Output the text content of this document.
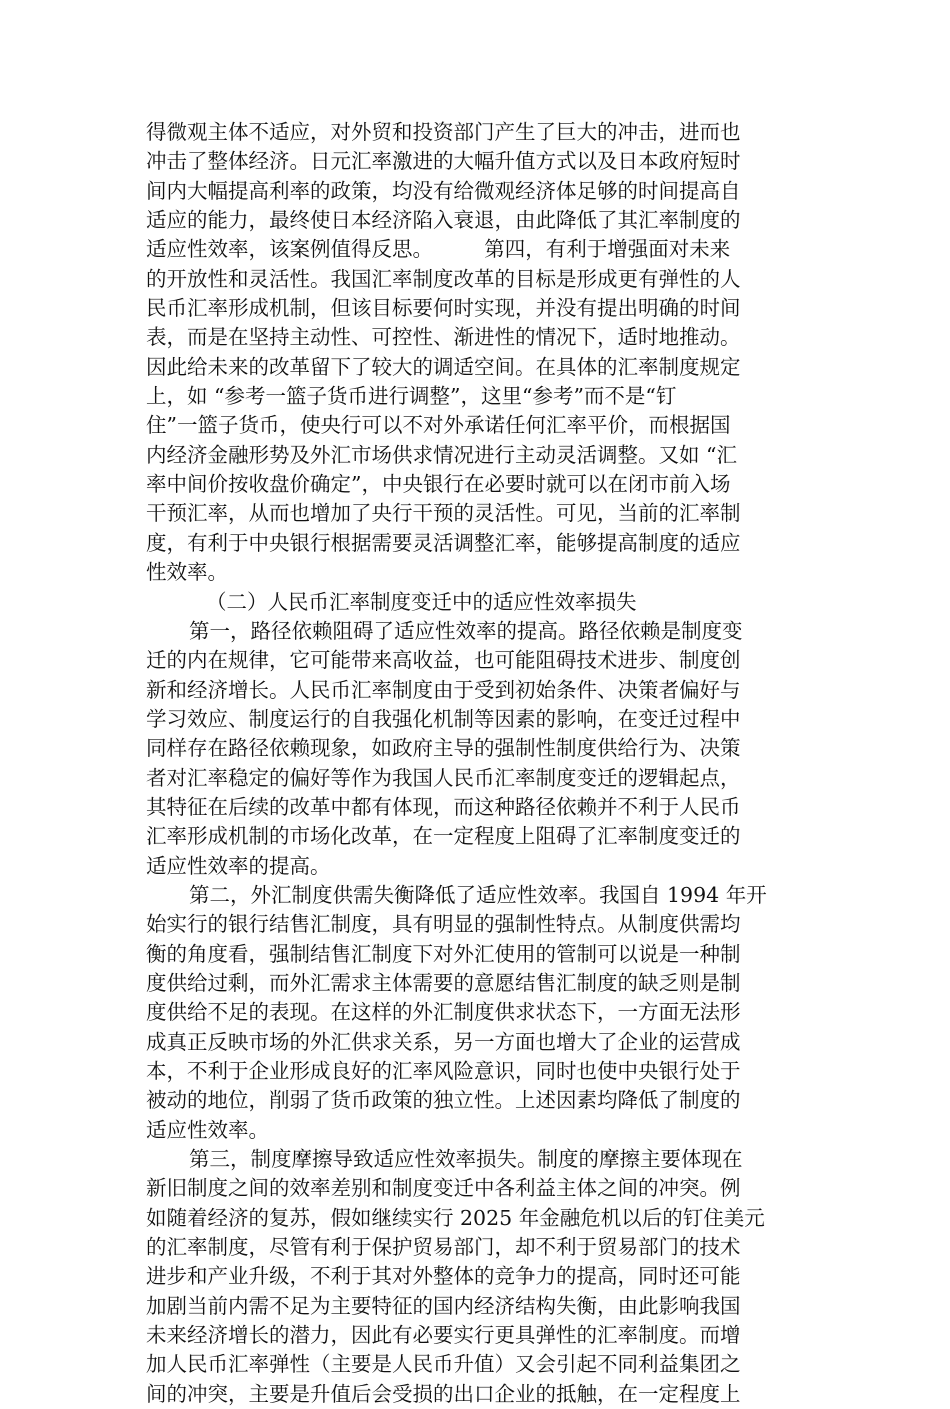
得微观主体不适应，对外贸和投资部门产生了巨大的冲击，进而也
冲击了整体经济。日元汇率激进的大幅升值方式以及日本政府短时
间内大幅提高利率的政策，均没有给微观经济体足够的时间提高自
适应的能力，最终使日本经济陷入衰退，由此降低了其汇率制度的
适应性效率，该案例值得反思。　　　第四，有利于增强面对未来
的开放性和灵活性。我国汇率制度改革的目标是形成更有弹性的人
民币汇率形成机制，但该目标要何时实现，并没有提出明确的时间
表，而是在坚持主动性、可控性、渐进性的情况下，适时地推动。
因此给未来的改革留下了较大的调适空间。在具体的汇率制度规定
上，如 “参考一篮子货币进行调整”，这里“参考”而不是“钉
住”一篮子货币，使央行可以不对外承诺任何汇率平价，而根据国
内经济金融形势及外汇市场供求情况进行主动灵活调整。又如 “汇
率中间价按收盘价确定”，中央银行在必要时就可以在闭市前入场
干预汇率，从而也增加了央行干预的灵活性。可见，当前的汇率制
度，有利于中央银行根据需要灵活调整汇率，能够提高制度的适应
性效率。
（二）人民币汇率制度变迁中的适应性效率损失
第一，路径依赖阻碍了适应性效率的提高。路径依赖是制度变
迁的内在规律，它可能带来高收益，也可能阻碍技术进步、制度创
新和经济增长。人民币汇率制度由于受到初始条件、决策者偏好与
学习效应、制度运行的自我强化机制等因素的影响，在变迁过程中
同样存在路径依赖现象，如政府主导的强制性制度供给行为、决策
者对汇率稳定的偏好等作为我国人民币汇率制度变迁的逻辑起点，
其特征在后续的改革中都有体现，而这种路径依赖并不利于人民币
汇率形成机制的市场化改革，在一定程度上阻碍了汇率制度变迁的
适应性效率的提高。
第二，外汇制度供需失衡降低了适应性效率。我国自 1994 年开
始实行的银行结售汇制度，具有明显的强制性特点。从制度供需均
衡的角度看，强制结售汇制度下对外汇使用的管制可以说是一种制
度供给过剩，而外汇需求主体需要的意愿结售汇制度的缺乏则是制
度供给不足的表现。在这样的外汇制度供求状态下，一方面无法形
成真正反映市场的外汇供求关系，另一方面也增大了企业的运营成
本，不利于企业形成良好的汇率风险意识，同时也使中央银行处于
被动的地位，削弱了货币政策的独立性。上述因素均降低了制度的
适应性效率。
第三，制度摩擦导致适应性效率损失。制度的摩擦主要体现在
新旧制度之间的效率差别和制度变迁中各利益主体之间的冲突。例
如随着经济的复苏，假如继续实行 2025 年金融危机以后的钉住美元
的汇率制度，尽管有利于保护贸易部门，却不利于贸易部门的技术
进步和产业升级，不利于其对外整体的竞争力的提高，同时还可能
加剧当前内需不足为主要特征的国内经济结构失衡，由此影响我国
未来经济增长的潜力，因此有必要实行更具弹性的汇率制度。而增
加人民币汇率弹性（主要是人民币升值）又会引起不同利益集团之
间的冲突，主要是升值后会受损的出口企业的抵触，在一定程度上
